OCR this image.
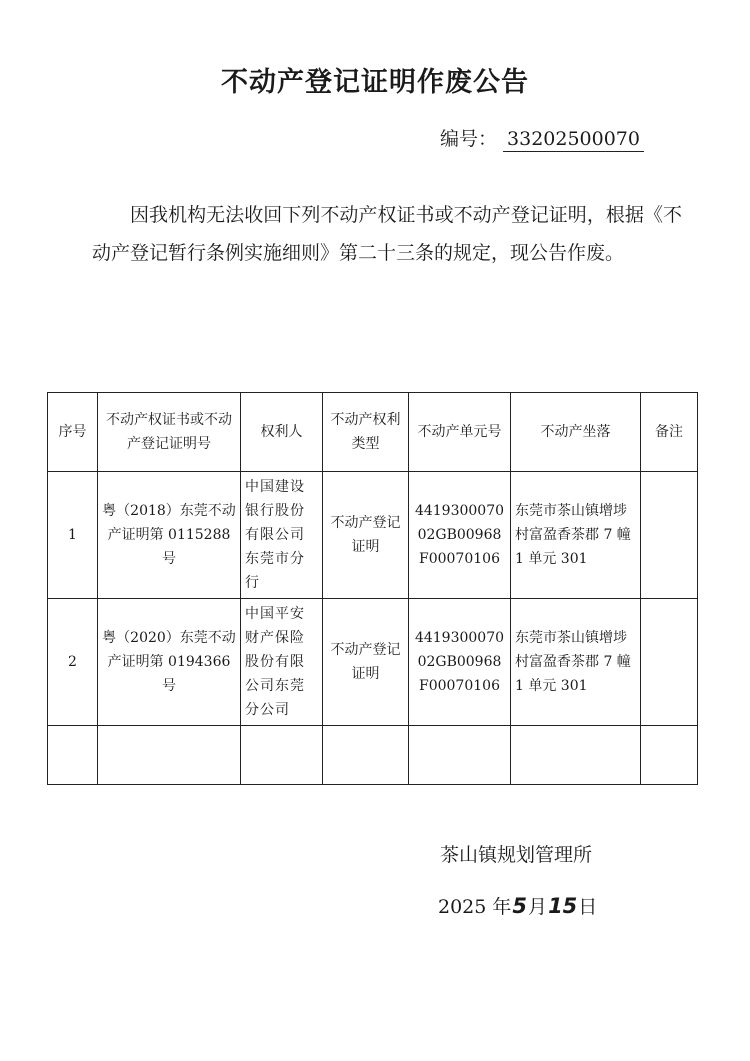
不动产登记证明作废公告
编号： 33202500070
因我机构无法收回下列不动产权证书或不动产登记证明，根据《不动产登记暂行条例实施细则》第二十三条的规定，现公告作废。
序号	不动产权证书或不动产登记证明号	权利人	不动产权利类型	不动产单元号	不动产坐落	备注
1	粤（2018）东莞不动产证明第 0115288 号	中国建设银行股份有限公司东莞市分行	不动产登记证明	441930007002GB00968F00070106	东莞市茶山镇增埗村富盈香茶郡 7 幢 1 单元 301	
2	粤（2020）东莞不动产证明第 0194366 号	中国平安财产保险股份有限公司东莞分公司	不动产登记证明	441930007002GB00968F00070106	东莞市茶山镇增埗村富盈香茶郡 7 幢 1 单元 301	

茶山镇规划管理所
2025 年5月15日
